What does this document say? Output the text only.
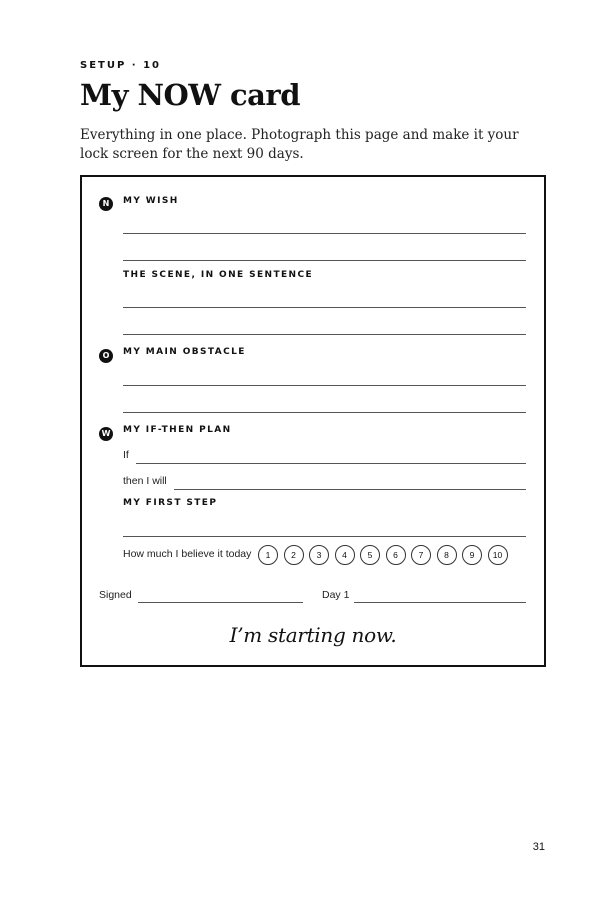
SETUP · 10
My NOW card
Everything in one place. Photograph this page and make it your lock screen for the next 90 days.
N	MY WISH
THE SCENE, IN ONE SENTENCE
O	MY MAIN OBSTACLE
W MY IF-THEN PLAN
If
then I will
MY FIRST STEP
How much I believe it today	1	2	3	4	5	6	7	8	9	10
Signed	Day 1
I’m starting now.
31
